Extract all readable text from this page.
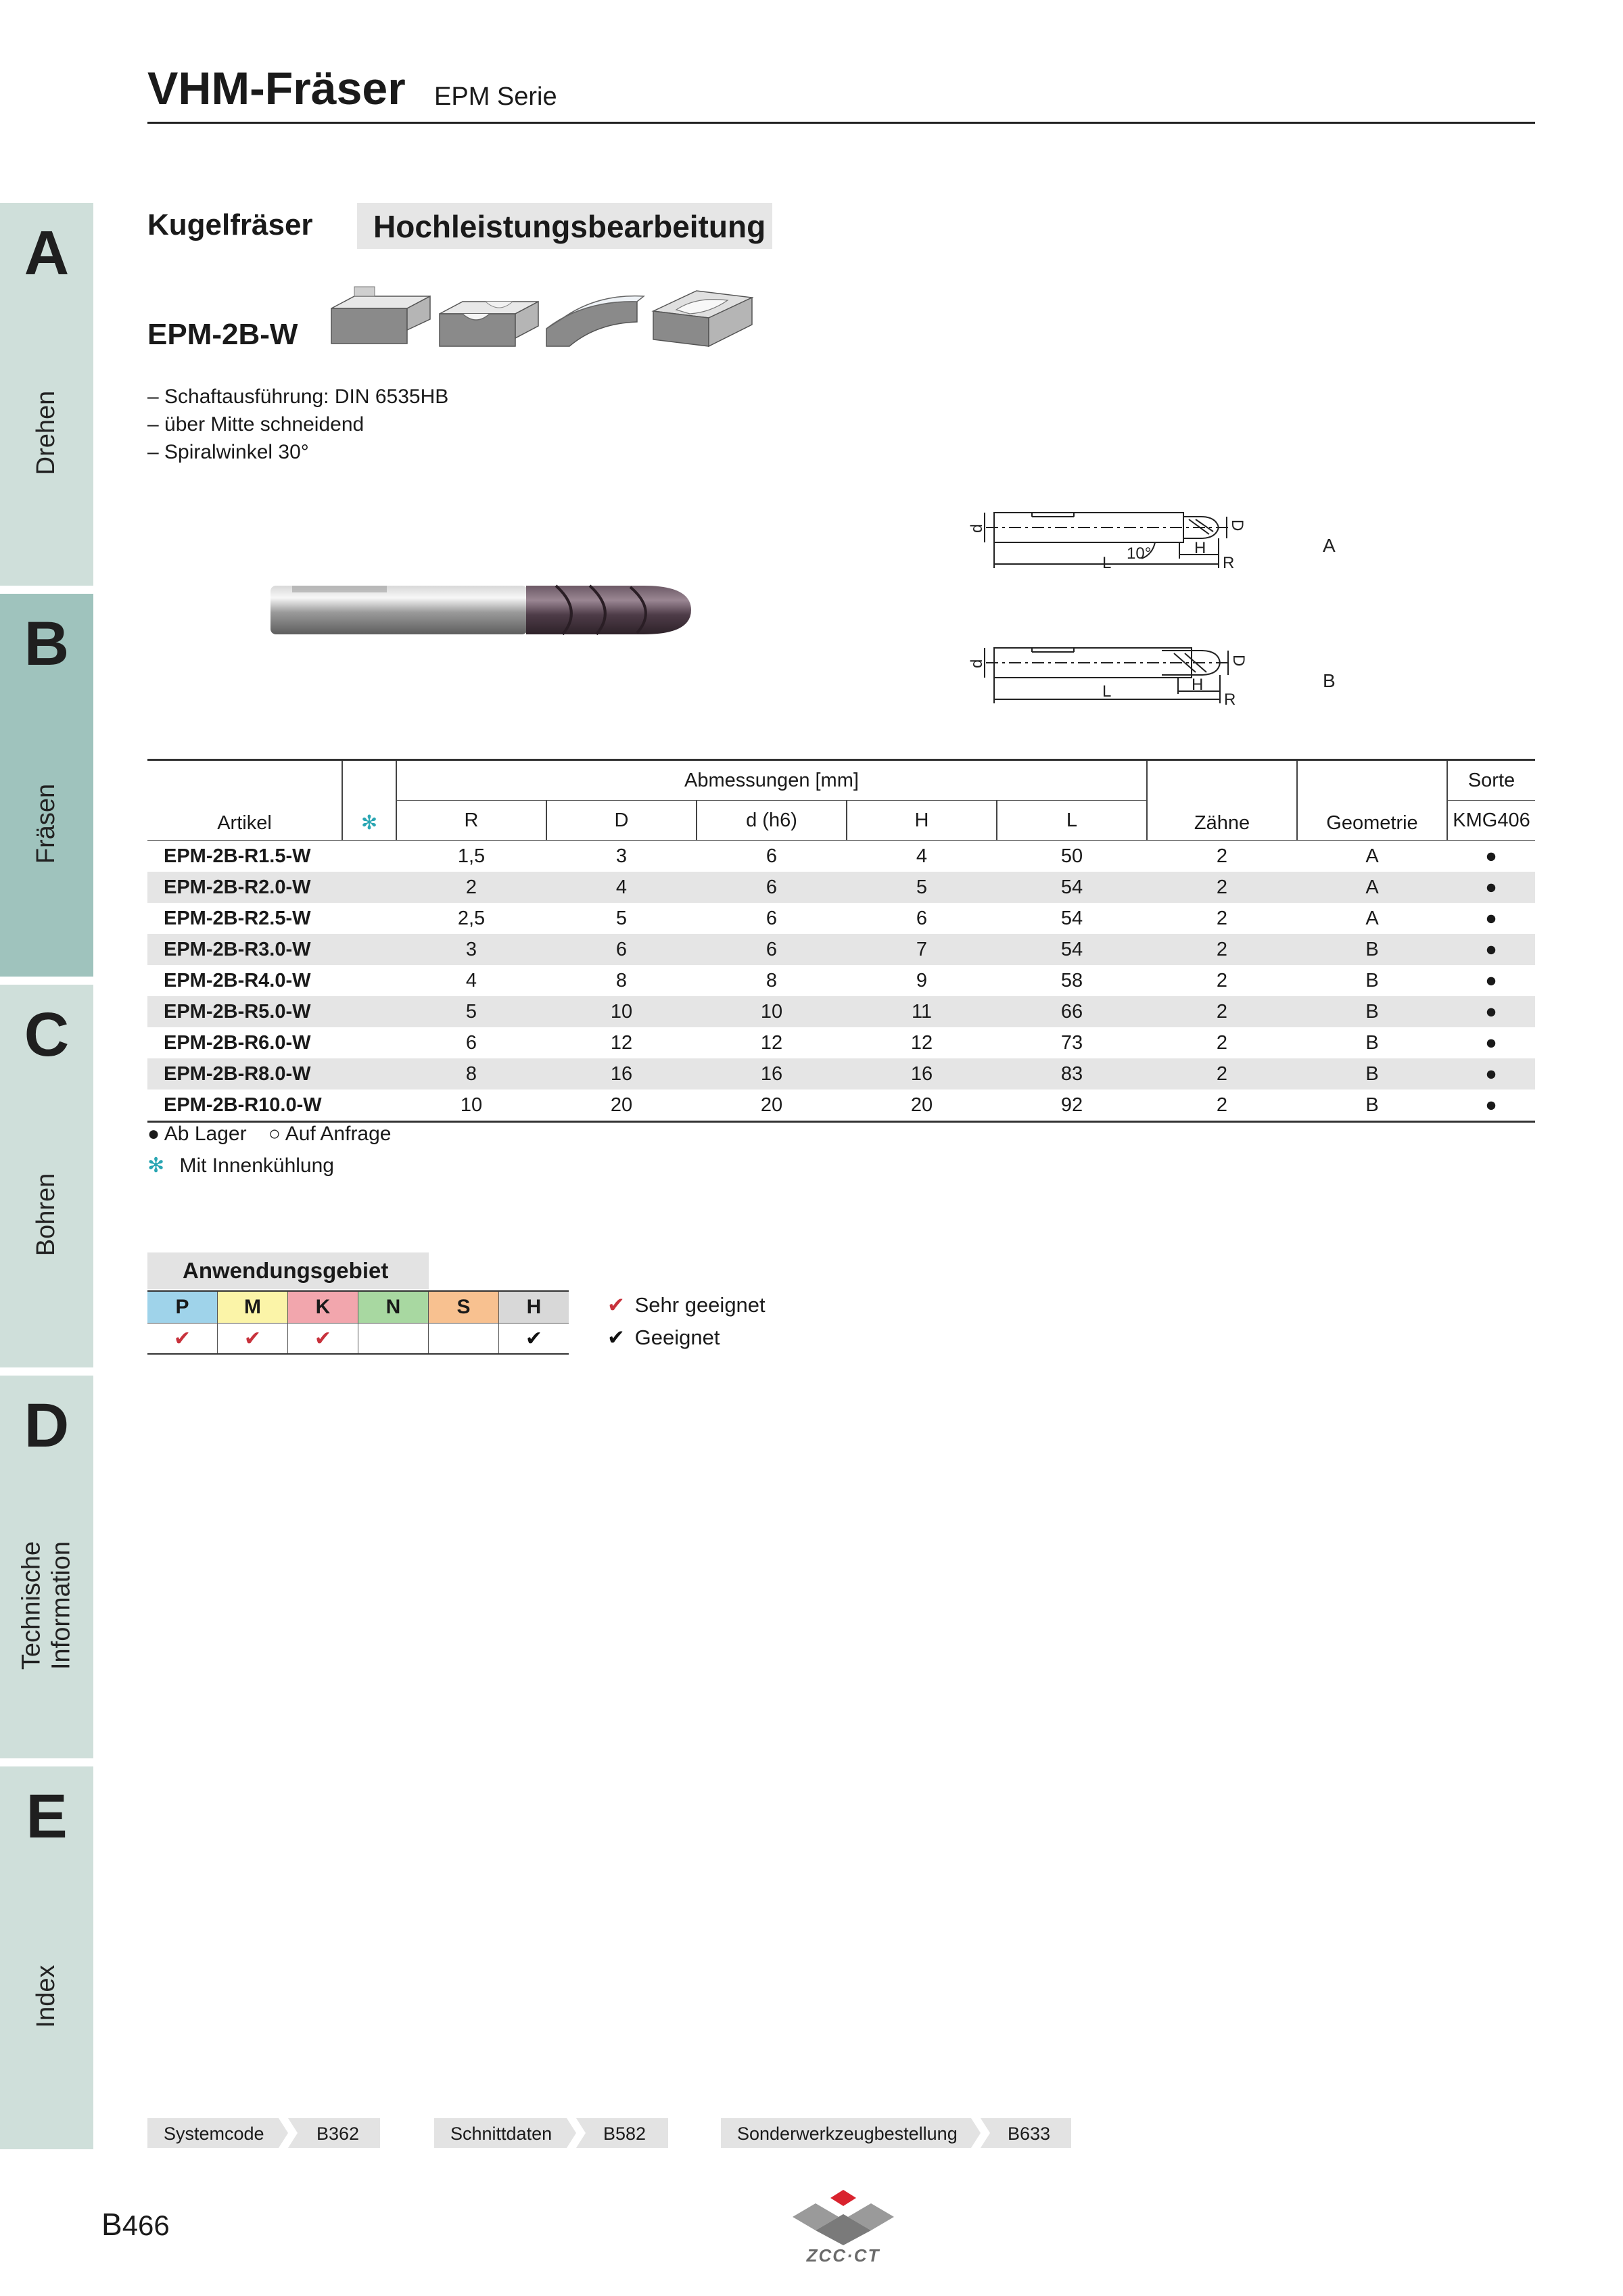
A
Drehen
B
Fräsen
C
Bohren
D
Technische Information
E
Index
VHM-Fräser EPM Serie
Kugelfräser Hochleistungsbearbeitung
EPM-2B-W
– Schaftausführung: DIN 6535HB
– über Mitte schneidend
– Spiralwinkel 30°
d	D
L
10°	H
R
A
d	D
L	H
R
B
Artikel	✻	Abmessungen [mm]					Zähne	Geometrie	Sorte
		R	D	d (h6)	H	L			KMG406
EPM-2B-R1.5-W		1,5	3	6	4	50	2	A	●
EPM-2B-R2.0-W		2	4	6	5	54	2	A	●
EPM-2B-R2.5-W		2,5	5	6	6	54	2	A	●
EPM-2B-R3.0-W		3	6	6	7	54	2	B	●
EPM-2B-R4.0-W		4	8	8	9	58	2	B	●
EPM-2B-R5.0-W		5	10	10	11	66	2	B	●
EPM-2B-R6.0-W		6	12	12	12	73	2	B	●
EPM-2B-R8.0-W		8	16	16	16	83	2	B	●
EPM-2B-R10.0-W		10	20	20	20	92	2	B	●
● Ab Lager ○ Auf Anfrage
✻ Mit Innenkühlung
Anwendungsgebiet
P	M	K	N	S	H
✔	✔	✔			✔
✔ Sehr geeignet
✔ Geeignet
Systemcode	B362	Schnittdaten	B582	Sonderwerkzeugbestellung	B633
B466
ZCC·CT
